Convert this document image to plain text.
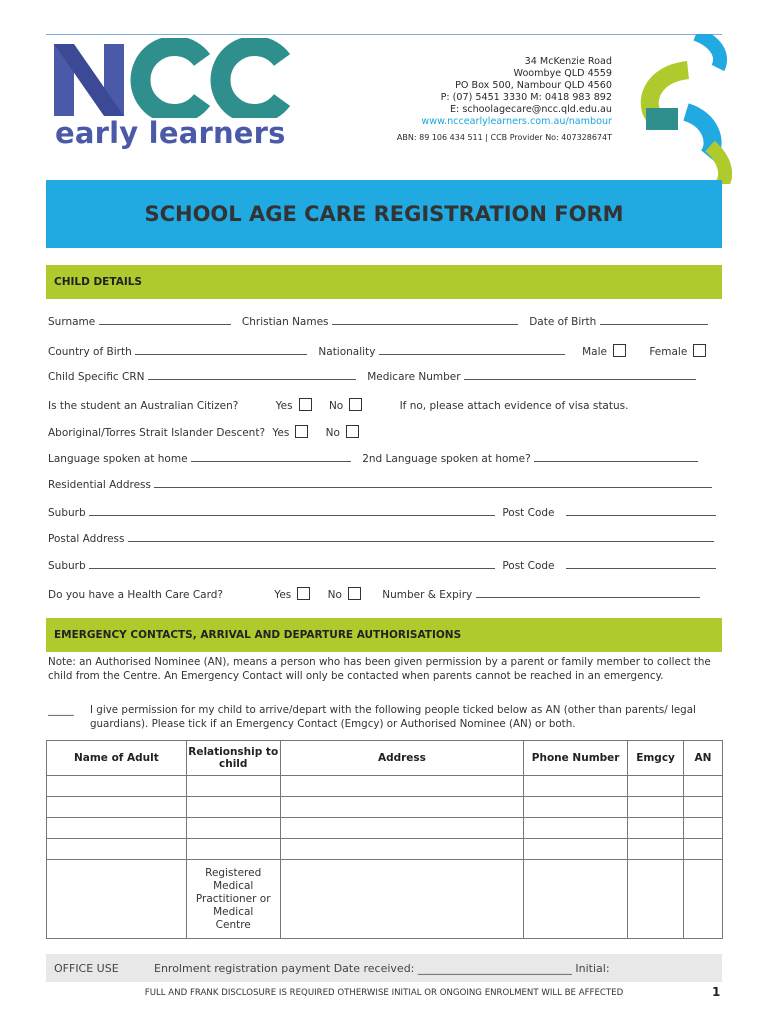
early learners
34 McKenzie Road
Woombye QLD 4559
PO Box 500, Nambour QLD 4560
P: (07) 5451 3330 M: 0418 983 892
E: schoolagecare@ncc.qld.edu.au
www.nccearlylearners.com.au/nambour
ABN: 89 106 434 511 | CCB Provider No: 407328674T
SCHOOL AGE CARE REGISTRATION FORM
CHILD DETAILS
Surname	Christian Names	Date of Birth
Country of Birth	Nationality	Male	Female
Child Specific CRN	Medicare Number
Is the student an Australian Citizen?	Yes	No	If no, please attach evidence of visa status.
Aboriginal/Torres Strait Islander Descent? Yes	No
Language spoken at home	2nd Language spoken at home?
Residential Address
Suburb	Post Code
Postal Address
Suburb	Post Code
Do you have a Health Care Card?	Yes	No	Number & Expiry
EMERGENCY CONTACTS, ARRIVAL AND DEPARTURE AUTHORISATIONS
Note: an Authorised Nominee (AN), means a person who has been given permission by a parent or family member to collect the child from the Centre. An Emergency Contact will only be contacted when parents cannot be reached in an emergency.
_____	I give permission for my child to arrive/depart with the following people ticked below as AN (other than parents/ legal guardians). Please tick if an Emergency Contact (Emgcy) or Authorised Nominee (AN) or both.
Name of Adult	Relationship to child	Address	Phone Number	Emgcy	AN

	Registered Medical Practitioner or Medical Centre				
OFFICE USE	Enrolment registration payment Date received: ____________________________ Initial:
FULL AND FRANK DISCLOSURE IS REQUIRED OTHERWISE INITIAL OR ONGOING ENROLMENT WILL BE AFFECTED	1
